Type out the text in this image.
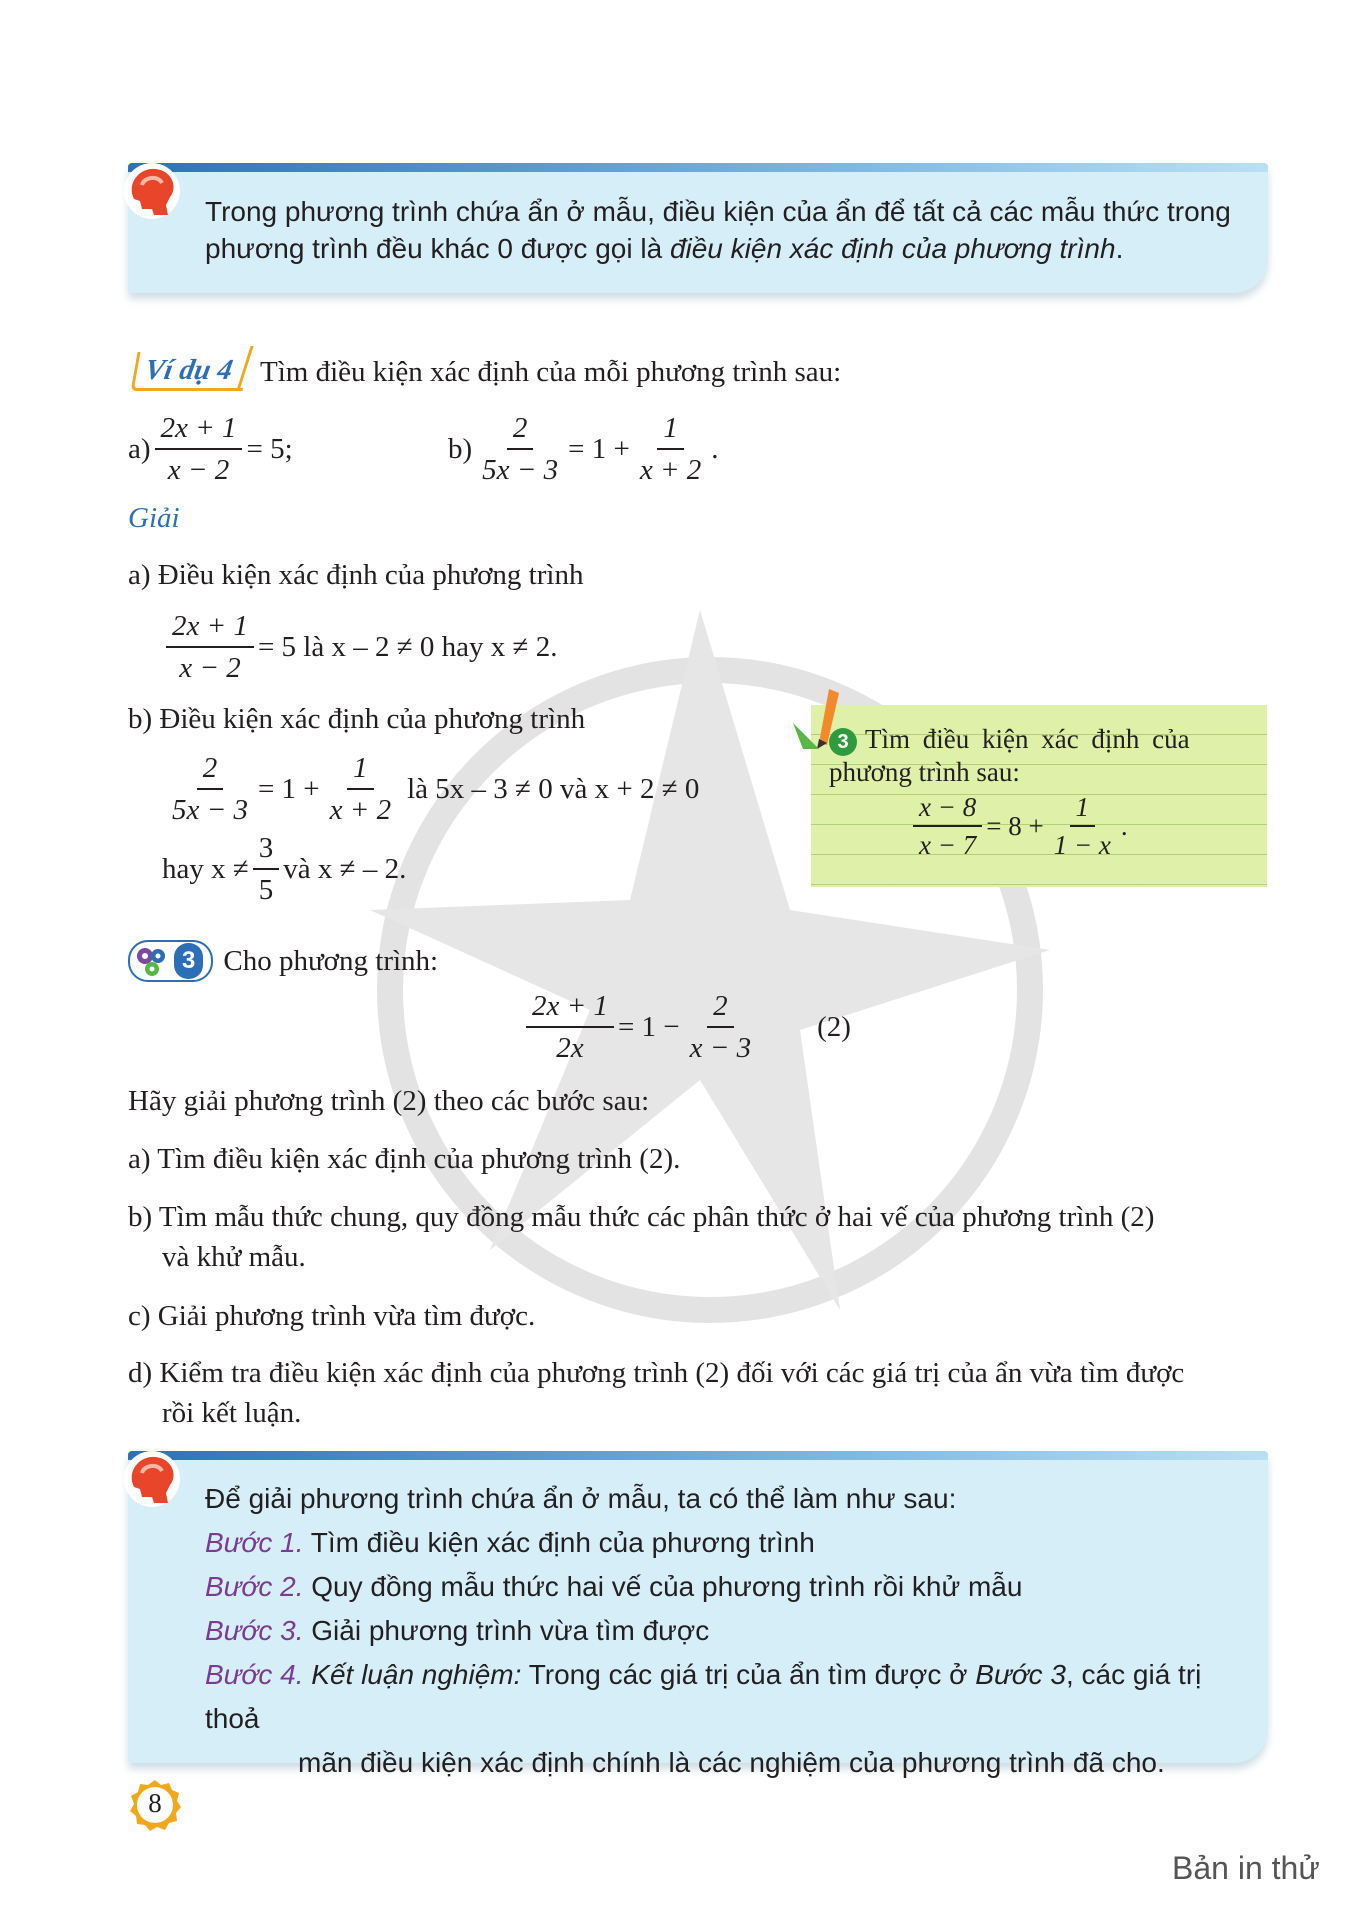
Trong phương trình chứa ẩn ở mẫu, điều kiện của ẩn để tất cả các mẫu thức trong
phương trình đều khác 0 được gọi là điều kiện xác định của phương trình.
Ví dụ 4 Tìm điều kiện xác định của mỗi phương trình sau:
$a) \frac{2x + 1}{x - 2} = 5$;	$b) \frac{2}{5x - 3} = 1 + \frac{1}{x + 2}$ .
Giải
a) Điều kiện xác định của phương trình
$\frac{2x + 1}{x - 2} = 5$ là x – 2 ≠ 0 hay x ≠ 2.
b) Điều kiện xác định của phương trình
$\frac{2}{5x - 3} = 1 + \frac{1}{x + 2}$ là 5x – 3 ≠ 0 và x + 2 ≠ 0
hay $x \ne \frac{3}{5}$ và x ≠ – 2.
3 Tìm điều kiện xác định của
phương trình sau:
$\frac{x - 8}{x - 7} = 8 + \frac{1}{1 - x}$ .
3 Cho phương trình:
$\frac{2x + 1}{2x} = 1 - \frac{2}{x - 3} (2)$
Hãy giải phương trình (2) theo các bước sau:
a) Tìm điều kiện xác định của phương trình (2).
b) Tìm mẫu thức chung, quy đồng mẫu thức các phân thức ở hai vế của phương trình (2)
và khử mẫu.
c) Giải phương trình vừa tìm được.
d) Kiểm tra điều kiện xác định của phương trình (2) đối với các giá trị của ẩn vừa tìm được
rồi kết luận.
Để giải phương trình chứa ẩn ở mẫu, ta có thể làm như sau:
Bước 1. Tìm điều kiện xác định của phương trình
Bước 2. Quy đồng mẫu thức hai vế của phương trình rồi khử mẫu
Bước 3. Giải phương trình vừa tìm được
Bước 4. Kết luận nghiệm: Trong các giá trị của ẩn tìm được ở Bước 3, các giá trị thoả
mãn điều kiện xác định chính là các nghiệm của phương trình đã cho.
8
Bản in thử
